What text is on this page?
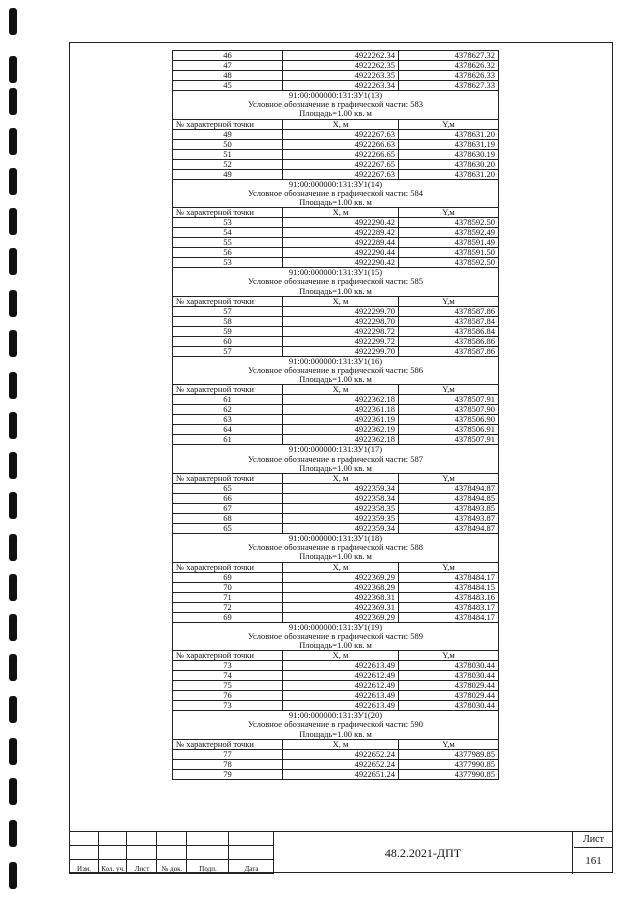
46	4922262.34	4378627.32
47	4922262.35	4378626.32
48	4922263.35	4378626.33
45	4922263.34	4378627.33

91:00:000000:131:ЗУ1(13)
Условное обозначение в графической части: 583
Площадь=1.00 кв. м		

№ характерной точки	X, м	Y,м
49	4922267.63	4378631.20
50	4922266.63	4378631.19
51	4922266.65	4378630.19
52	4922267.65	4378630.20
49	4922267.63	4378631.20

91:00:000000:131:ЗУ1(14)
Условное обозначение в графической части: 584
Площадь=1.00 кв. м		

№ характерной точки	X, м	Y,м
53	4922290.42	4378592.50
54	4922289.42	4378592.49
55	4922289.44	4378591.49
56	4922290.44	4378591.50
53	4922290.42	4378592.50

91:00:000000:131:ЗУ1(15)
Условное обозначение в графической части: 585
Площадь=1.00 кв. м		

№ характерной точки	X, м	Y,м
57	4922299.70	4378587.86
58	4922298.70	4378587.84
59	4922298.72	4378586.84
60	4922299.72	4378586.86
57	4922299.70	4378587.86

91:00:000000:131:ЗУ1(16)
Условное обозначение в графической части: 586
Площадь=1.00 кв. м		

№ характерной точки	X, м	Y,м
61	4922362.18	4378507.91
62	4922361.18	4378507.90
63	4922361.19	4378506.90
64	4922362.19	4378506.91
61	4922362.18	4378507.91

91:00:000000:131:ЗУ1(17)
Условное обозначение в графической части: 587
Площадь=1.00 кв. м		

№ характерной точки	X, м	Y,м
65	4922359.34	4378494.87
66	4922358.34	4378494.85
67	4922358.35	4378493.85
68	4922359.35	4378493.87
65	4922359.34	4378494.87

91:00:000000:131:ЗУ1(18)
Условное обозначение в графической части: 588
Площадь=1.00 кв. м		

№ характерной точки	X, м	Y,м
69	4922369.29	4378484.17
70	4922368.29	4378484.15
71	4922368.31	4378483.16
72	4922369.31	4378483.17
69	4922369.29	4378484.17

91:00:000000:131:ЗУ1(19)
Условное обозначение в графической части: 589
Площадь=1.00 кв. м		

№ характерной точки	X, м	Y,м
73	4922613.49	4378030.44
74	4922612.49	4378030.44
75	4922612.49	4378029.44
76	4922613.49	4378029.44
73	4922613.49	4378030.44

91:00:000000:131:ЗУ1(20)
Условное обозначение в графической части: 590
Площадь=1.00 кв. м		

№ характерной точки	X, м	Y,м
77	4922652.24	4377989.85
78	4922652.24	4377990.85
79	4922651.24	4377990.85
Изм.	Кол. уч.	Лист	№ док.	Подп.	Дата
48.2.2021-ДПТ
Лист
161
